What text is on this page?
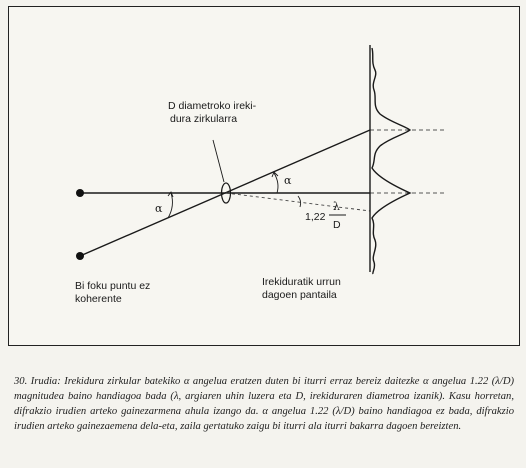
D diametroko ireki-
dura zirkularra
α
α
1,22
λ
D
Bi foku puntu ez
koherente
Irekiduratik urrun
dagoen pantaila
30. Irudia: Irekidura zirkular batekiko α angelua eratzen duten bi iturri erraz bereiz daitezke α angelua 1.22 (λ/D) magnitudea baino handiagoa bada (λ, argiaren uhin luzera eta D, irekiduraren diametroa izanik). Kasu horretan, difrakzio irudien arteko gainezarmena ahula izango da. α angelua 1.22 (λ/D) baino handiagoa ez bada, difrakzio irudien arteko gainezaemena dela-eta, zaila gertatuko zaigu bi iturri ala iturri bakarra dagoen bereizten.
